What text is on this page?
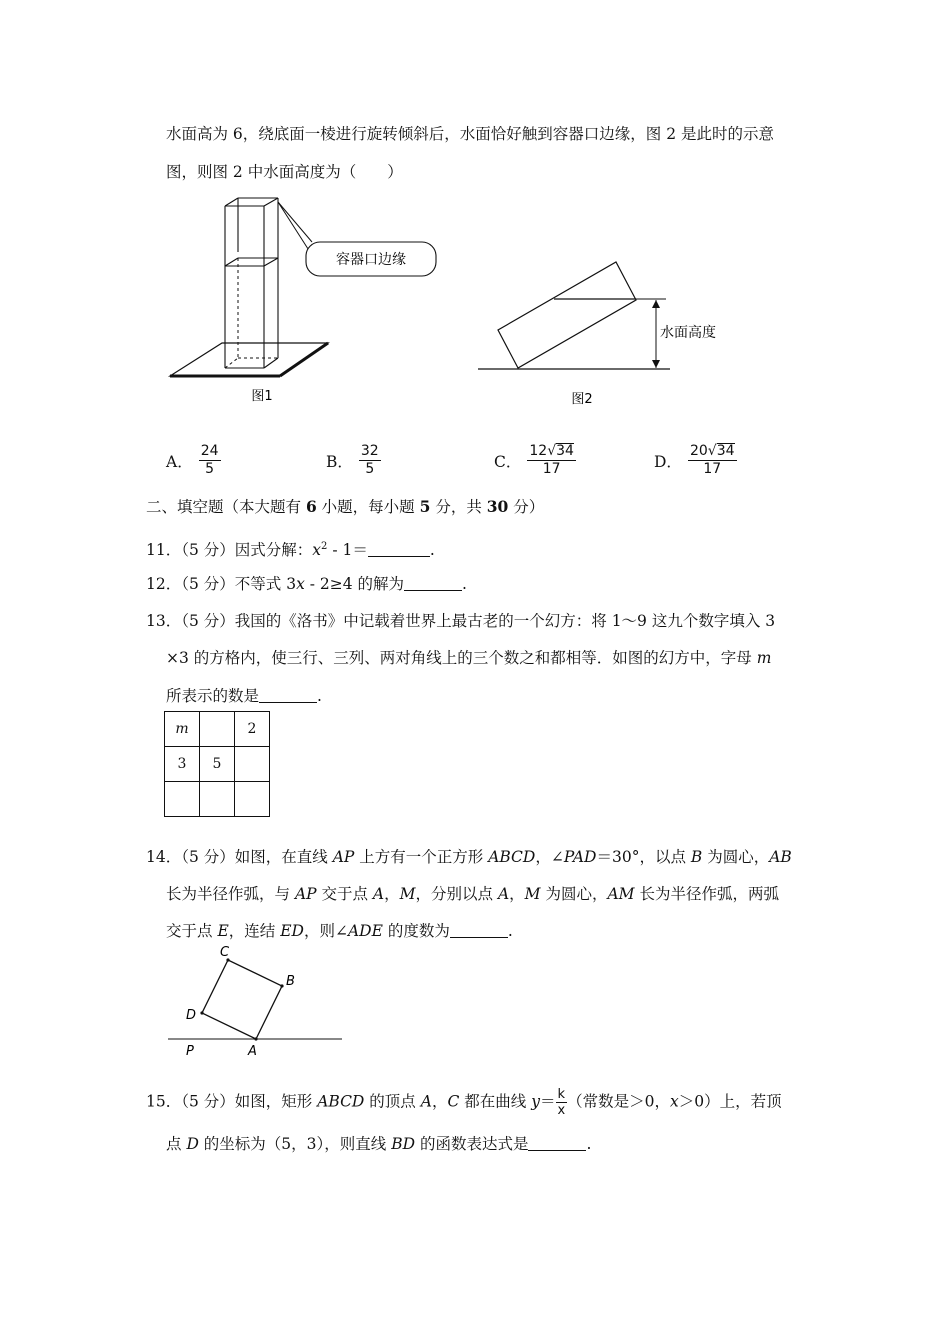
水面高为 6，绕底面一棱进行旋转倾斜后，水面恰好触到容器口边缘，图 2 是此时的示意
图，则图 2 中水面高度为（　　）
容器口边缘
图1
水面高度
图2
A． $\frac{24}{5}$	B． $\frac{32}{5}$	C． $\frac{12√34}{17}$	D． $\frac{20√34}{17}$
二、填空题（本大题有 6 小题，每小题 5 分，共 30 分）
11．（5 分）因式分解：$x^2 - 1=$	.
12．（5 分）不等式 3x - 2≥4 的解为	.
13．（5 分）我国的《洛书》中记载着世界上最古老的一个幻方：将 1～9 这九个数字填入 3
×3 的方格内，使三行、三列、两对角线上的三个数之和都相等．如图的幻方中，字母 m
所表示的数是	.
m		2
3	5	

14．（5 分）如图，在直线 AP 上方有一个正方形 ABCD，∠PAD＝30°，以点 B 为圆心，AB
长为半径作弧，与 AP 交于点 A，M，分别以点 A，M 为圆心，AM 长为半径作弧，两弧
交于点 E，连结 ED，则∠ADE 的度数为	.
C
B
D
P	A
15．（5 分）如图，矩形 ABCD 的顶点 A，C 都在曲线 $y= \frac{k}{x}$ （常数是＞0，x＞0）上，若顶
点 D 的坐标为（5，3），则直线 BD 的函数表达式是	.
